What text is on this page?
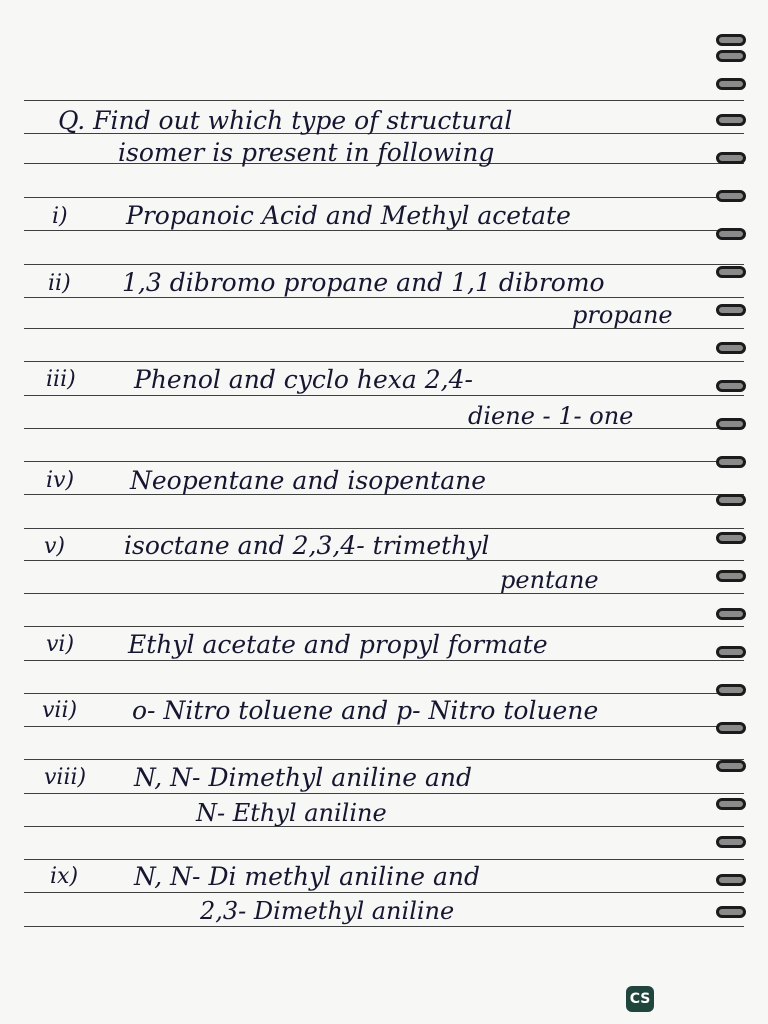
Q. Find out which type of structural
isomer is present in following
i) Propanoic Acid and Methyl acetate
ii) 1,3 dibromo propane and 1,1 dibromo
propane
iii) Phenol and cyclo hexa 2,4-
diene - 1- one
iv) Neopentane and isopentane
v) isoctane and 2,3,4- trimethyl
pentane
vi) Ethyl acetate and propyl formate
vii) o- Nitro toluene and p- Nitro toluene
viii) N, N- Dimethyl aniline and
N- Ethyl aniline
ix) N, N- Di methyl aniline and
2,3- Dimethyl aniline
CS
